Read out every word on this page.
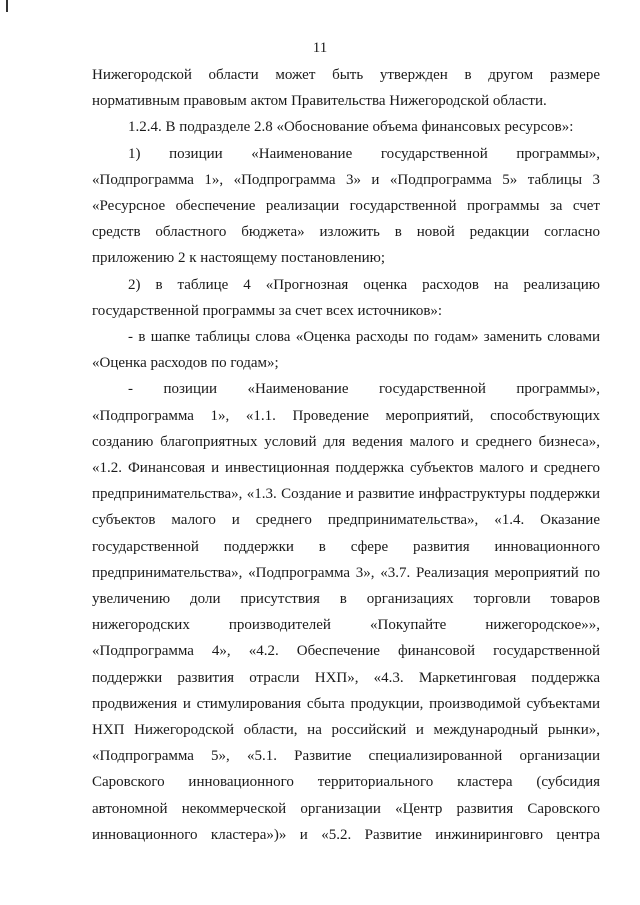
11

Нижегородской области может быть утвержден в другом размере

нормативным правовым актом Правительства Нижегородской области.

1.2.4. В подразделе 2.8 «Обоснование объема финансовых ресурсов»:

1) позиции «Наименование государственной программы»,

«Подпрограмма 1», «Подпрограмма 3» и «Подпрограмма 5» таблицы 3

«Ресурсное обеспечение реализации государственной программы за счет

средств областного бюджета» изложить в новой редакции согласно

приложению 2 к настоящему постановлению;

2) в таблице 4 «Прогнозная оценка расходов на реализацию

государственной программы за счет всех источников»:

- в шапке таблицы слова «Оценка расходы по годам» заменить словами

«Оценка расходов по годам»;

- позиции «Наименование государственной программы»,

«Подпрограмма 1», «1.1. Проведение мероприятий, способствующих

созданию благоприятных условий для ведения малого и среднего бизнеса»,

«1.2. Финансовая и инвестиционная поддержка субъектов малого и среднего

предпринимательства», «1.3. Создание и развитие инфраструктуры поддержки

субъектов малого и среднего предпринимательства», «1.4. Оказание

государственной поддержки в сфере развития инновационного

предпринимательства», «Подпрограмма 3», «3.7. Реализация мероприятий по

увеличению доли присутствия в организациях торговли товаров

нижегородских производителей «Покупайте нижегородское»»,

«Подпрограмма 4», «4.2. Обеспечение финансовой государственной

поддержки развития отрасли НХП», «4.3. Маркетинговая поддержка

продвижения и стимулирования сбыта продукции, производимой субъектами

НХП Нижегородской области, на российский и международный рынки»,

«Подпрограмма 5», «5.1. Развитие специализированной организации

Саровского инновационного территориального кластера (субсидия

автономной некоммерческой организации «Центр развития Саровского

инновационного кластера»)» и «5.2. Развитие инжиниринговго центра
